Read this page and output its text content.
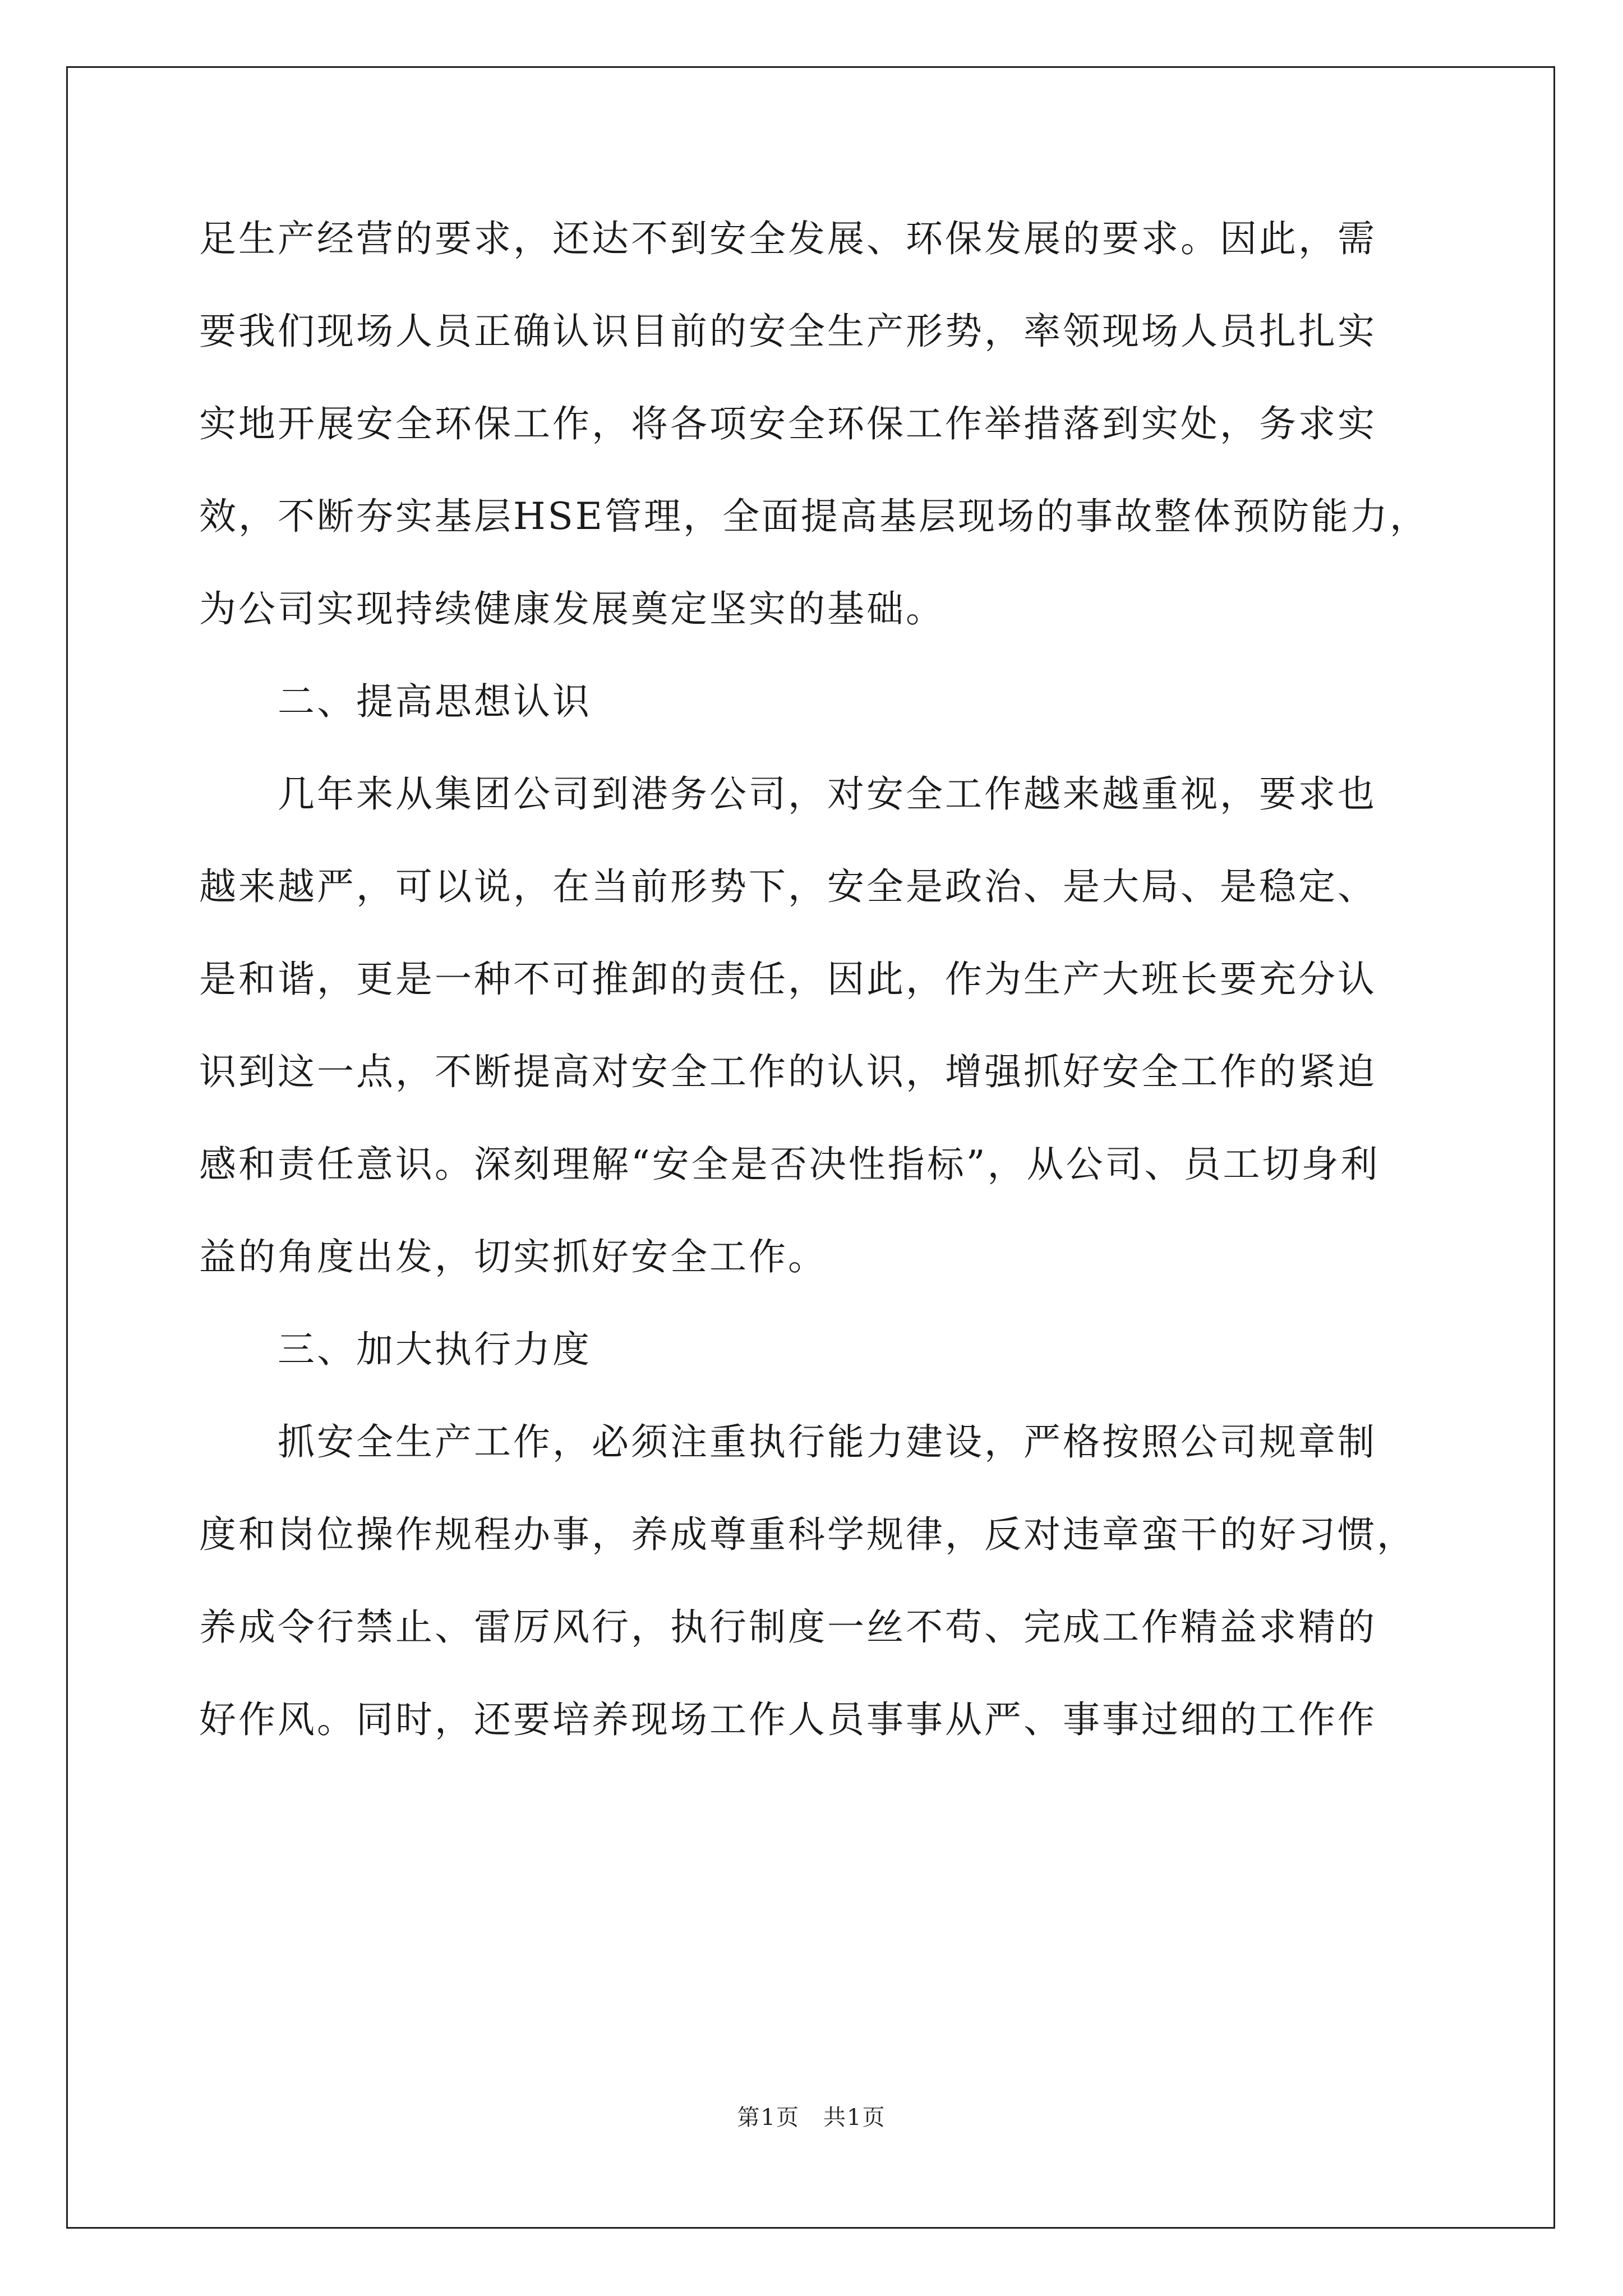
足生产经营的要求，还达不到安全发展、环保发展的要求。因此，需
要我们现场人员正确认识目前的安全生产形势，率领现场人员扎扎实
实地开展安全环保工作，将各项安全环保工作举措落到实处，务求实
效，不断夯实基层HSE管理，全面提高基层现场的事故整体预防能力，
为公司实现持续健康发展奠定坚实的基础。
　　二、提高思想认识
　　几年来从集团公司到港务公司，对安全工作越来越重视，要求也
越来越严，可以说，在当前形势下，安全是政治、是大局、是稳定、
是和谐，更是一种不可推卸的责任，因此，作为生产大班长要充分认
识到这一点，不断提高对安全工作的认识，增强抓好安全工作的紧迫
感和责任意识。深刻理解“安全是否决性指标”，从公司、员工切身利
益的角度出发，切实抓好安全工作。
　　三、加大执行力度
　　抓安全生产工作，必须注重执行能力建设，严格按照公司规章制
度和岗位操作规程办事，养成尊重科学规律，反对违章蛮干的好习惯，
养成令行禁止、雷厉风行，执行制度一丝不苟、完成工作精益求精的
好作风。同时，还要培养现场工作人员事事从严、事事过细的工作作
第1页　共1页
